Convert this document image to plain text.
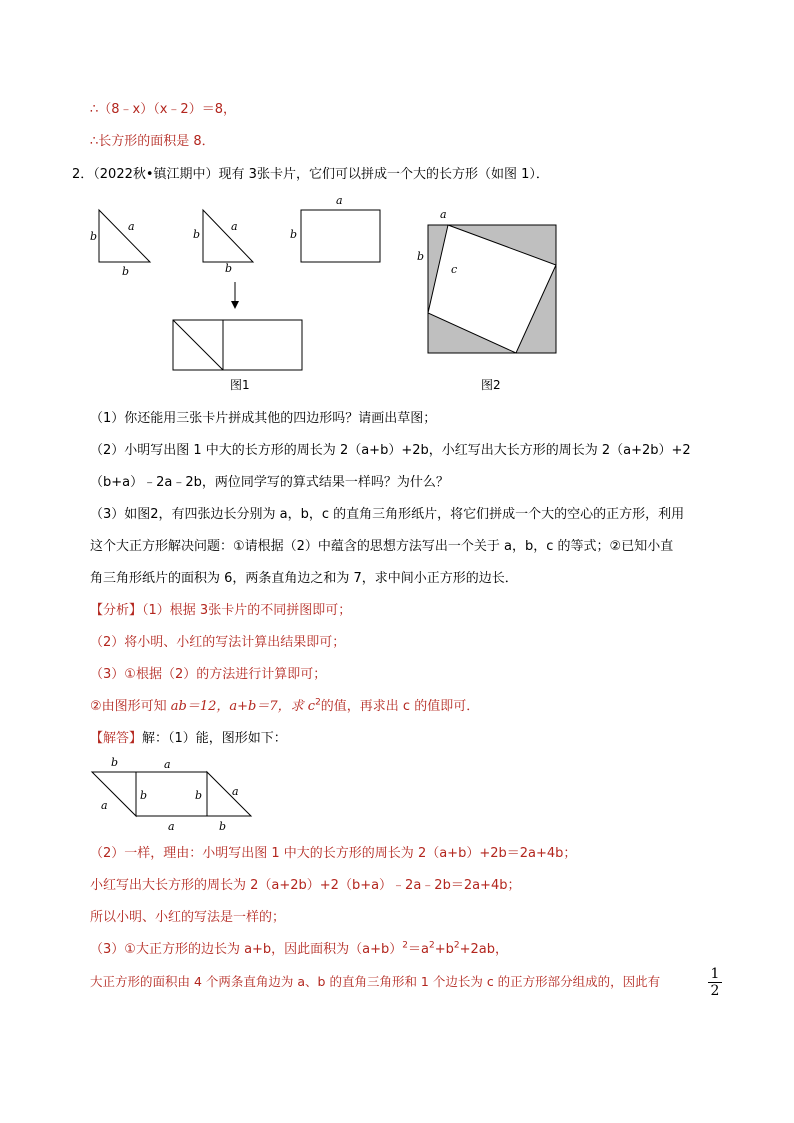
∴（8﹣x）（x﹣2）＝8，
∴长方形的面积是 8．
2．（2022秋•镇江期中）现有 3张卡片，它们可以拼成一个大的长方形（如图 1）．
b
a
b
b
a
b
a
b
a
b
c
图1	图2
（1）你还能用三张卡片拼成其他的四边形吗？请画出草图；
（2）小明写出图 1 中大的长方形的周长为 2（a+b）+2b，小红写出大长方形的周长为 2（a+2b）+2
（b+a）﹣2a﹣2b，两位同学写的算式结果一样吗？为什么？
（3）如图2，有四张边长分别为 a，b，c 的直角三角形纸片，将它们拼成一个大的空心的正方形，利用
这个大正方形解决问题：①请根据（2）中蕴含的思想方法写出一个关于 a，b，c 的等式；②已知小直
角三角形纸片的面积为 6，两条直角边之和为 7，求中间小正方形的边长．
【分析】（1）根据 3张卡片的不同拼图即可；
（2）将小明、小红的写法计算出结果即可；
（3）①根据（2）的方法进行计算即可；
②由图形可知 ab＝12，a+b＝7，求 $c^2$的值，再求出 c 的值即可．
【解答】解：（1）能，图形如下：
b	a
a
b	b	a
a	b
（2）一样，理由：小明写出图 1 中大的长方形的周长为 2（a+b）+2b＝2a+4b；
小红写出大长方形的周长为 2（a+2b）+2（b+a）﹣2a﹣2b＝2a+4b；
所以小明、小红的写法是一样的；
（3）①大正方形的边长为 a+b，因此面积为$(a+b)^2=a^2+b^2+2ab$，
大正方形的面积由 4 个两条直角边为 a、b 的直角三角形和 1 个边长为 c 的正方形部分组成的，因此有	$\frac{1}{2}$
